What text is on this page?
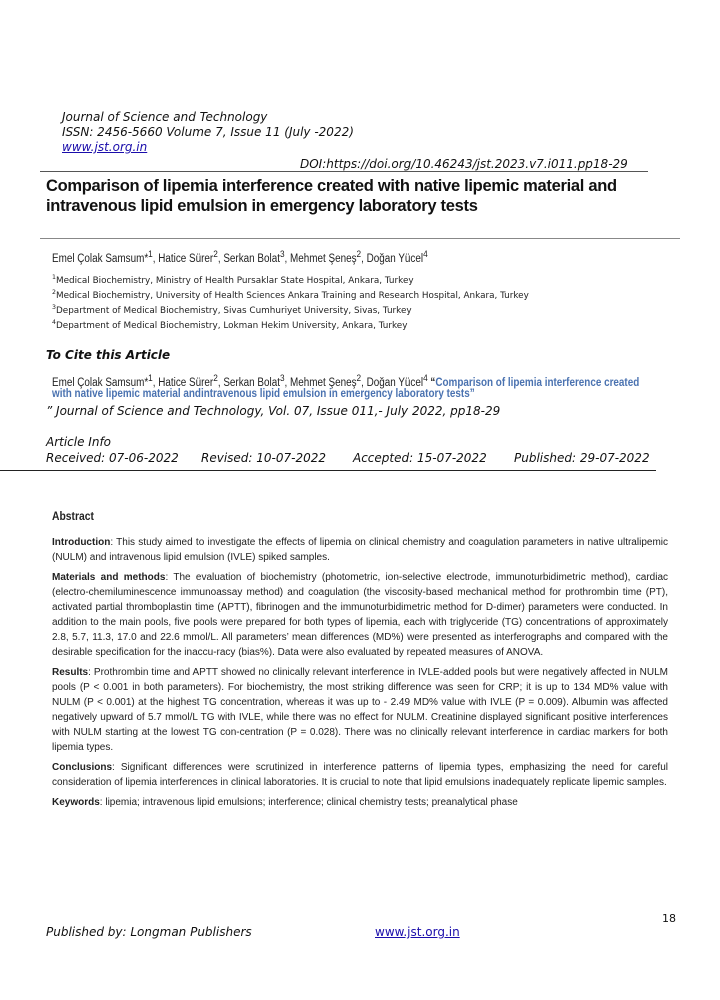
Journal of Science and Technology
ISSN: 2456-5660 Volume 7, Issue 11 (July -2022)
www.jst.org.in
DOI:https://doi.org/10.46243/jst.2023.v7.i011.pp18-29
Comparison of lipemia interference created with native lipemic material and intravenous lipid emulsion in emergency laboratory tests
Emel Çolak Samsum*$^1$, Hatice Sürer$^2$, Serkan Bolat$^3$, Mehmet Şeneş$^2$, Doğan Yücel$^4$
$^1$Medical Biochemistry, Ministry of Health Pursaklar State Hospital, Ankara, Turkey
$^2$Medical Biochemistry, University of Health Sciences Ankara Training and Research Hospital, Ankara, Turkey
$^3$Department of Medical Biochemistry, Sivas Cumhuriyet University, Sivas, Turkey
$^4$Department of Medical Biochemistry, Lokman Hekim University, Ankara, Turkey
To Cite this Article
Emel Çolak Samsum*$^1$, Hatice Sürer$^2$, Serkan Bolat$^3$, Mehmet Şeneş$^2$, Doğan Yücel$^4$ “Comparison of lipemia interference created
with native lipemic material andintravenous lipid emulsion in emergency laboratory tests”
” Journal of Science and Technology, Vol. 07, Issue 011,- July 2022, pp18-29
Article Info
Received: 07-06-2022 Revised: 10-07-2022 Accepted: 15-07-2022 Published: 29-07-2022
Abstract

Introduction: This study aimed to investigate the effects of lipemia on clinical chemistry and coagulation parameters in native ultralipemic (NULM) and intravenous lipid emulsion (IVLE) spiked samples.

Materials and methods: The evaluation of biochemistry (photometric, ion-selective electrode, immunoturbidimetric method), cardiac (electro-chemiluminescence immunoassay method) and coagulation (the viscosity-based mechanical method for prothrombin time (PT), activated partial thromboplastin time (APTT), fibrinogen and the immunoturbidimetric method for D-dimer) parameters were conducted. In addition to the main pools, five pools were prepared for both types of lipemia, each with triglyceride (TG) concentrations of approximately 2.8, 5.7, 11.3, 17.0 and 22.6 mmol/L. All parameters’ mean differences (MD%) were presented as interferographs and compared with the desirable specification for the inaccu-racy (bias%). Data were also evaluated by repeated measures of ANOVA.

Results: Prothrombin time and APTT showed no clinically relevant interference in IVLE-added pools but were negatively affected in NULM pools (P < 0.001 in both parameters). For biochemistry, the most striking difference was seen for CRP; it is up to 134 MD% value with NULM (P < 0.001) at the highest TG concentration, whereas it was up to - 2.49 MD% value with IVLE (P = 0.009). Albumin was affected negatively upward of 5.7 mmol/L TG with IVLE, while there was no effect for NULM. Creatinine displayed significant positive interferences with NULM starting at the lowest TG con-centration (P = 0.028). There was no clinically relevant interference in cardiac markers for both lipemia types.

Conclusions: Significant differences were scrutinized in interference patterns of lipemia types, emphasizing the need for careful consideration of lipemia interferences in clinical laboratories. It is crucial to note that lipid emulsions inadequately replicate lipemic samples.

Keywords: lipemia; intravenous lipid emulsions; interference; clinical chemistry tests; preanalytical phase

18
Published by: Longman Publishers	www.jst.org.in
